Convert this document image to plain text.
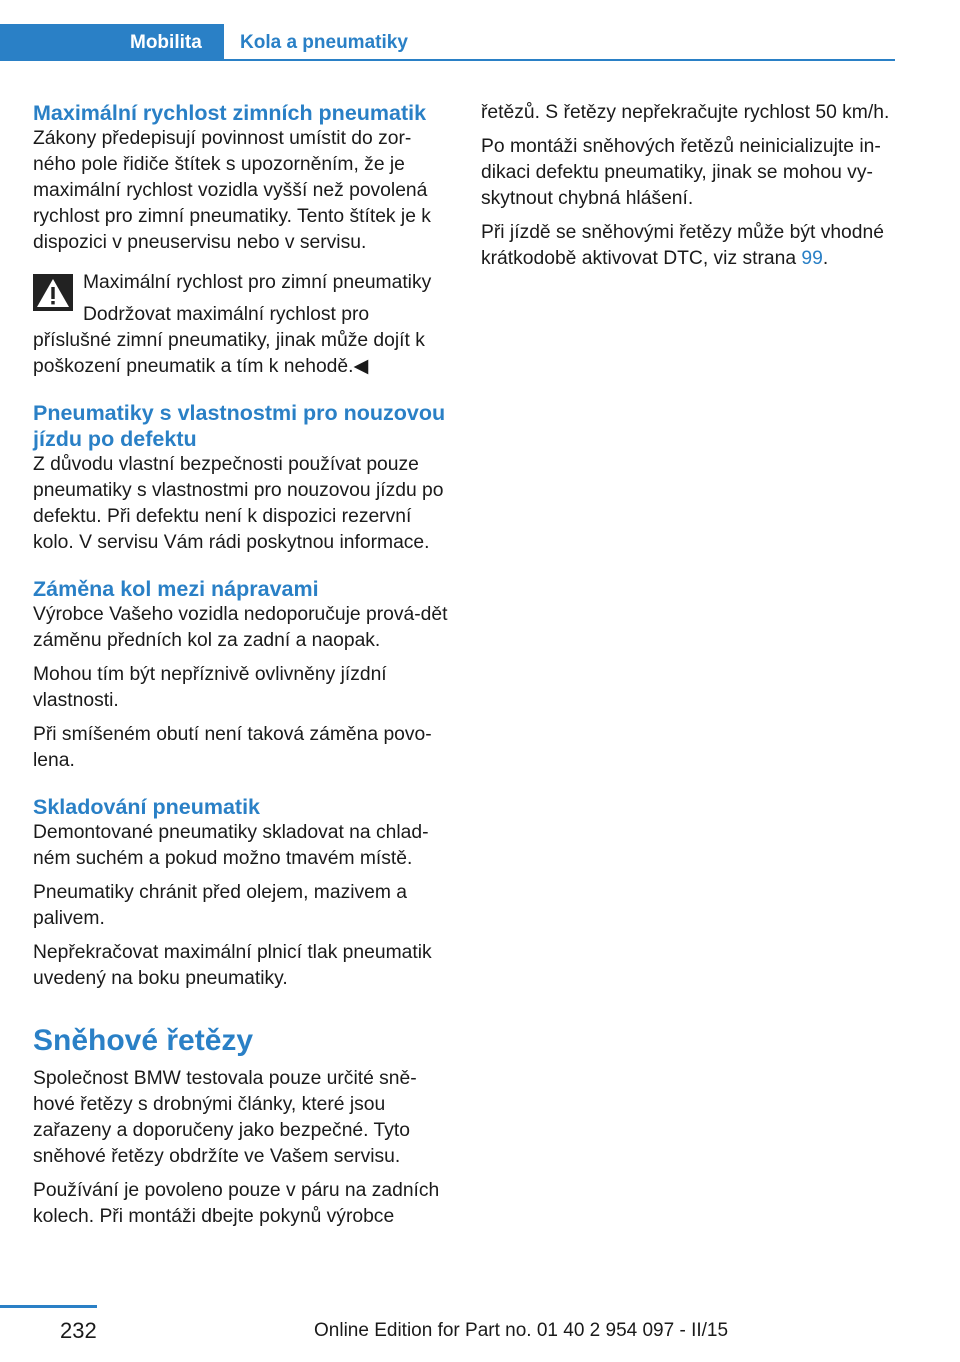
Mobilita	Kola a pneumatiky
Maximální rychlost zimních pneumatik

Zákony předepisují povinnost umístit do zor-ného pole řidiče štítek s upozorněním, že je maximální rychlost vozidla vyšší než povolená rychlost pro zimní pneumatiky. Tento štítek je k dispozici v pneuservisu nebo v servisu.

Maximální rychlost pro zimní pneumatiky

Dodržovat maximální rychlost pro příslušné zimní pneumatiky, jinak může dojít k poškození pneumatik a tím k nehodě.◀

Pneumatiky s vlastnostmi pro nouzovou jízdu po defektu

Z důvodu vlastní bezpečnosti používat pouze pneumatiky s vlastnostmi pro nouzovou jízdu po defektu. Při defektu není k dispozici rezervní kolo. V servisu Vám rádi poskytnou informace.

Záměna kol mezi nápravami

Výrobce Vašeho vozidla nedoporučuje prová-dět záměnu předních kol za zadní a naopak.

Mohou tím být nepříznivě ovlivněny jízdní vlastnosti.

Při smíšeném obutí není taková záměna povo-lena.

Skladování pneumatik

Demontované pneumatiky skladovat na chlad-ném suchém a pokud možno tmavém místě.

Pneumatiky chránit před olejem, mazivem a palivem.

Nepřekračovat maximální plnicí tlak pneumatik uvedený na boku pneumatiky.

Sněhové řetězy

Společnost BMW testovala pouze určité sně-hové řetězy s drobnými články, které jsou zařazeny a doporučeny jako bezpečné. Tyto sněhové řetězy obdržíte ve Vašem servisu.

Používání je povoleno pouze v páru na zadních kolech. Při montáži dbejte pokynů výrobce

řetězů. S řetězy nepřekračujte rychlost 50 km/h.

Po montáži sněhových řetězů neinicializujte in-dikaci defektu pneumatiky, jinak se mohou vy-skytnout chybná hlášení.

Při jízdě se sněhovými řetězy může být vhodné krátkodobě aktivovat DTC, viz strana 99.

232	Online Edition for Part no. 01 40 2 954 097 - II/15
